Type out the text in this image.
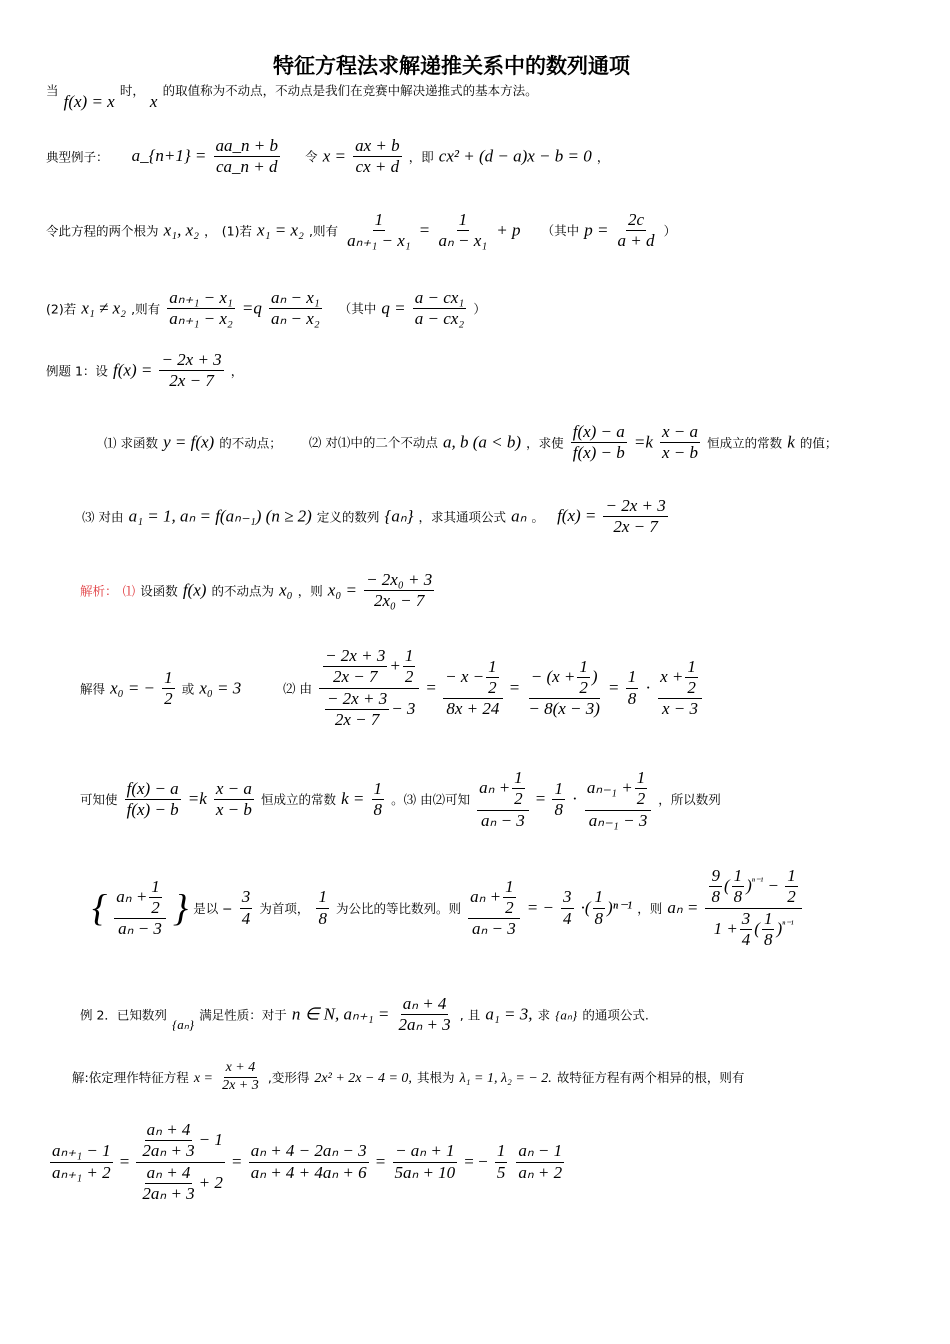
特征方程法求解递推关系中的数列通项
当 f(x) = x 时， x 的取值称为不动点，不动点是我们在竞赛中解决递推式的基本方法。
典型例子： a_{n+1} = $\frac{aa\_n + b}{ca\_n + d}$ 令 $x = \frac{ax + b}{cx + d}$ ，即 cx² + (d − a)x − b = 0 ，
令此方程的两个根为 x₁, x₂ ， (1)若 x₁ = x₂ ,则有 $\frac{1}{\text{aₙ₊₁ − x₁}} = \frac{1}{\text{aₙ − x₁}} + p$ （其中 $p = \frac{2c}{a + d}$ ）
(2)若 x₁ ≠ x₂ ,则有 $\frac{\text{aₙ₊₁ − x₁}}{\text{aₙ₊₁ − x₂}} =q \frac{\text{aₙ − x₁}}{\text{aₙ − x₂}}$ （其中 $q = \frac{\text{a − cx₁}}{\text{a − cx₂}}$ ）
例题 1：设 $f(x) = \frac{- 2x + 3}{2x - 7}$ ，
⑴ 求函数 y = f(x) 的不动点； ⑵ 对⑴中的二个不动点 a, b (a < b) ，求使 $\frac{f(x) - a}{f(x) - b} =k \frac{x - a}{x - b}$ 恒成立的常数 k 的值；
⑶ 对由 a₁ = 1, aₙ = f(aₙ₋₁) (n ≥ 2) 定义的数列 {aₙ} ，求其通项公式 aₙ 。 $f(x) = \frac{- 2x + 3}{2x - 7}$
解析： ⑴ 设函数 f(x) 的不动点为 x₀ ，则 $x_0 = \frac{\text{− 2x₀ + 3}}{\text{2x₀ − 7}}$
解得 x₀ = − $\frac{1}{2}$ 或 x₀ = 3	⑵ 由 $\frac{\frac{- 2x + 3}{2x - 7} + \frac{1}{2}}{\frac{- 2x + 3}{2x - 7} - 3} = \frac{- x - \frac{1}{2}}{8x + 24} = \frac{- (x + \frac{1}{2} )}{- 8(x - 3)} = \frac{1}{8} \cdot \frac{x + \frac{1}{2}}{x - 3}$
可知使 $\frac{f(x) - a}{f(x) - b} =k \frac{x - a}{x - b}$ 恒成立的常数 $k = \frac{1}{8}$ 。⑶ 由⑵可知 $\frac{a_n + \frac{1}{2}}{\text{aₙ − 3}} = \frac{1}{8} \cdot \frac{a_{n-1} + \frac{1}{2}}{\text{aₙ₋₁ − 3}}$ ，所以数列
{ $\frac{a_n + \frac{1}{2}}{\text{aₙ − 3}}$ } 是以 − $\frac{3}{4}$ 为首项， $\frac{1}{8}$ 为公比的等比数列。则 $\frac{a_n + \frac{1}{2}}{\text{aₙ − 3}}$ = − $\frac{3}{4}$ ·( $\frac{1}{8} )^{n-1}$ ，则 $a_n = \frac{\frac{9}{8} ( \frac{1}{8} )^{^{n-1}} - \frac{1}{2}}{1 + \frac{3}{4} ( \frac{1}{8} )^{^{n-1}}}$
例 2．已知数列 $_{\{a_n\}}$ 满足性质：对于 n ∈ N, $a_{n+1} = \frac{\text{aₙ + 4}}{\text{2aₙ + 3}}$ , 且 a₁ = 3, 求 {aₙ} 的通项公式.
解:依定理作特征方程 $x = \frac{x + 4}{2x + 3}$ ,变形得 2x² + 2x − 4 = 0, 其根为 λ₁ = 1, λ₂ = − 2. 故特征方程有两个相异的根，则有
$\frac{\text{aₙ₊₁ − 1}}{\text{aₙ₊₁ + 2}} = \frac{\frac{\text{aₙ + 4}}{\text{2aₙ + 3}} - 1}{\frac{\text{aₙ + 4}}{\text{2aₙ + 3}} + 2} = \frac{\text{aₙ + 4 − 2aₙ − 3}}{\text{aₙ + 4 + 4aₙ + 6}} = \frac{\text{− aₙ + 1}}{\text{5aₙ + 10}}$ = − $\frac{1}{5}$
$\frac{\text{aₙ − 1}}{\text{aₙ + 2}}$
